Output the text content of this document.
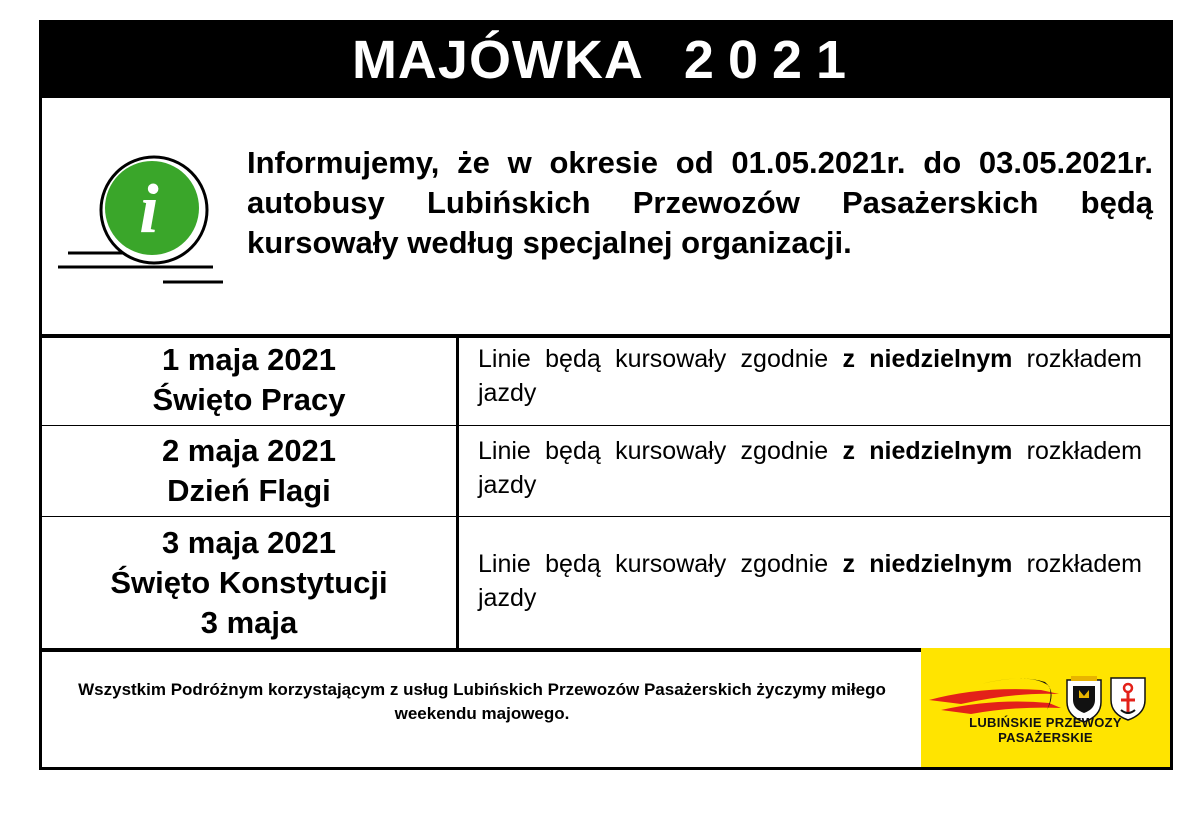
MAJÓWKA 2021
i
Informujemy, że w okresie od 01.05.2021r. do 03.05.2021r. autobusy Lubińskich Przewozów Pasażerskich będą kursowały według specjalnej organizacji.
1 maja 2021
Święto Pracy
Linie będą kursowały zgodnie z niedzielnym rozkładem jazdy
2 maja 2021
Dzień Flagi
Linie będą kursowały zgodnie z niedzielnym rozkładem jazdy
3 maja 2021
Święto Konstytucji
3 maja
Linie będą kursowały zgodnie z niedzielnym rozkładem jazdy
Wszystkim Podróżnym korzystającym z usług Lubińskich Przewozów Pasażerskich życzymy miłego weekendu majowego.	LUBIŃSKIE PRZEWOZY PASAŻERSKIE
